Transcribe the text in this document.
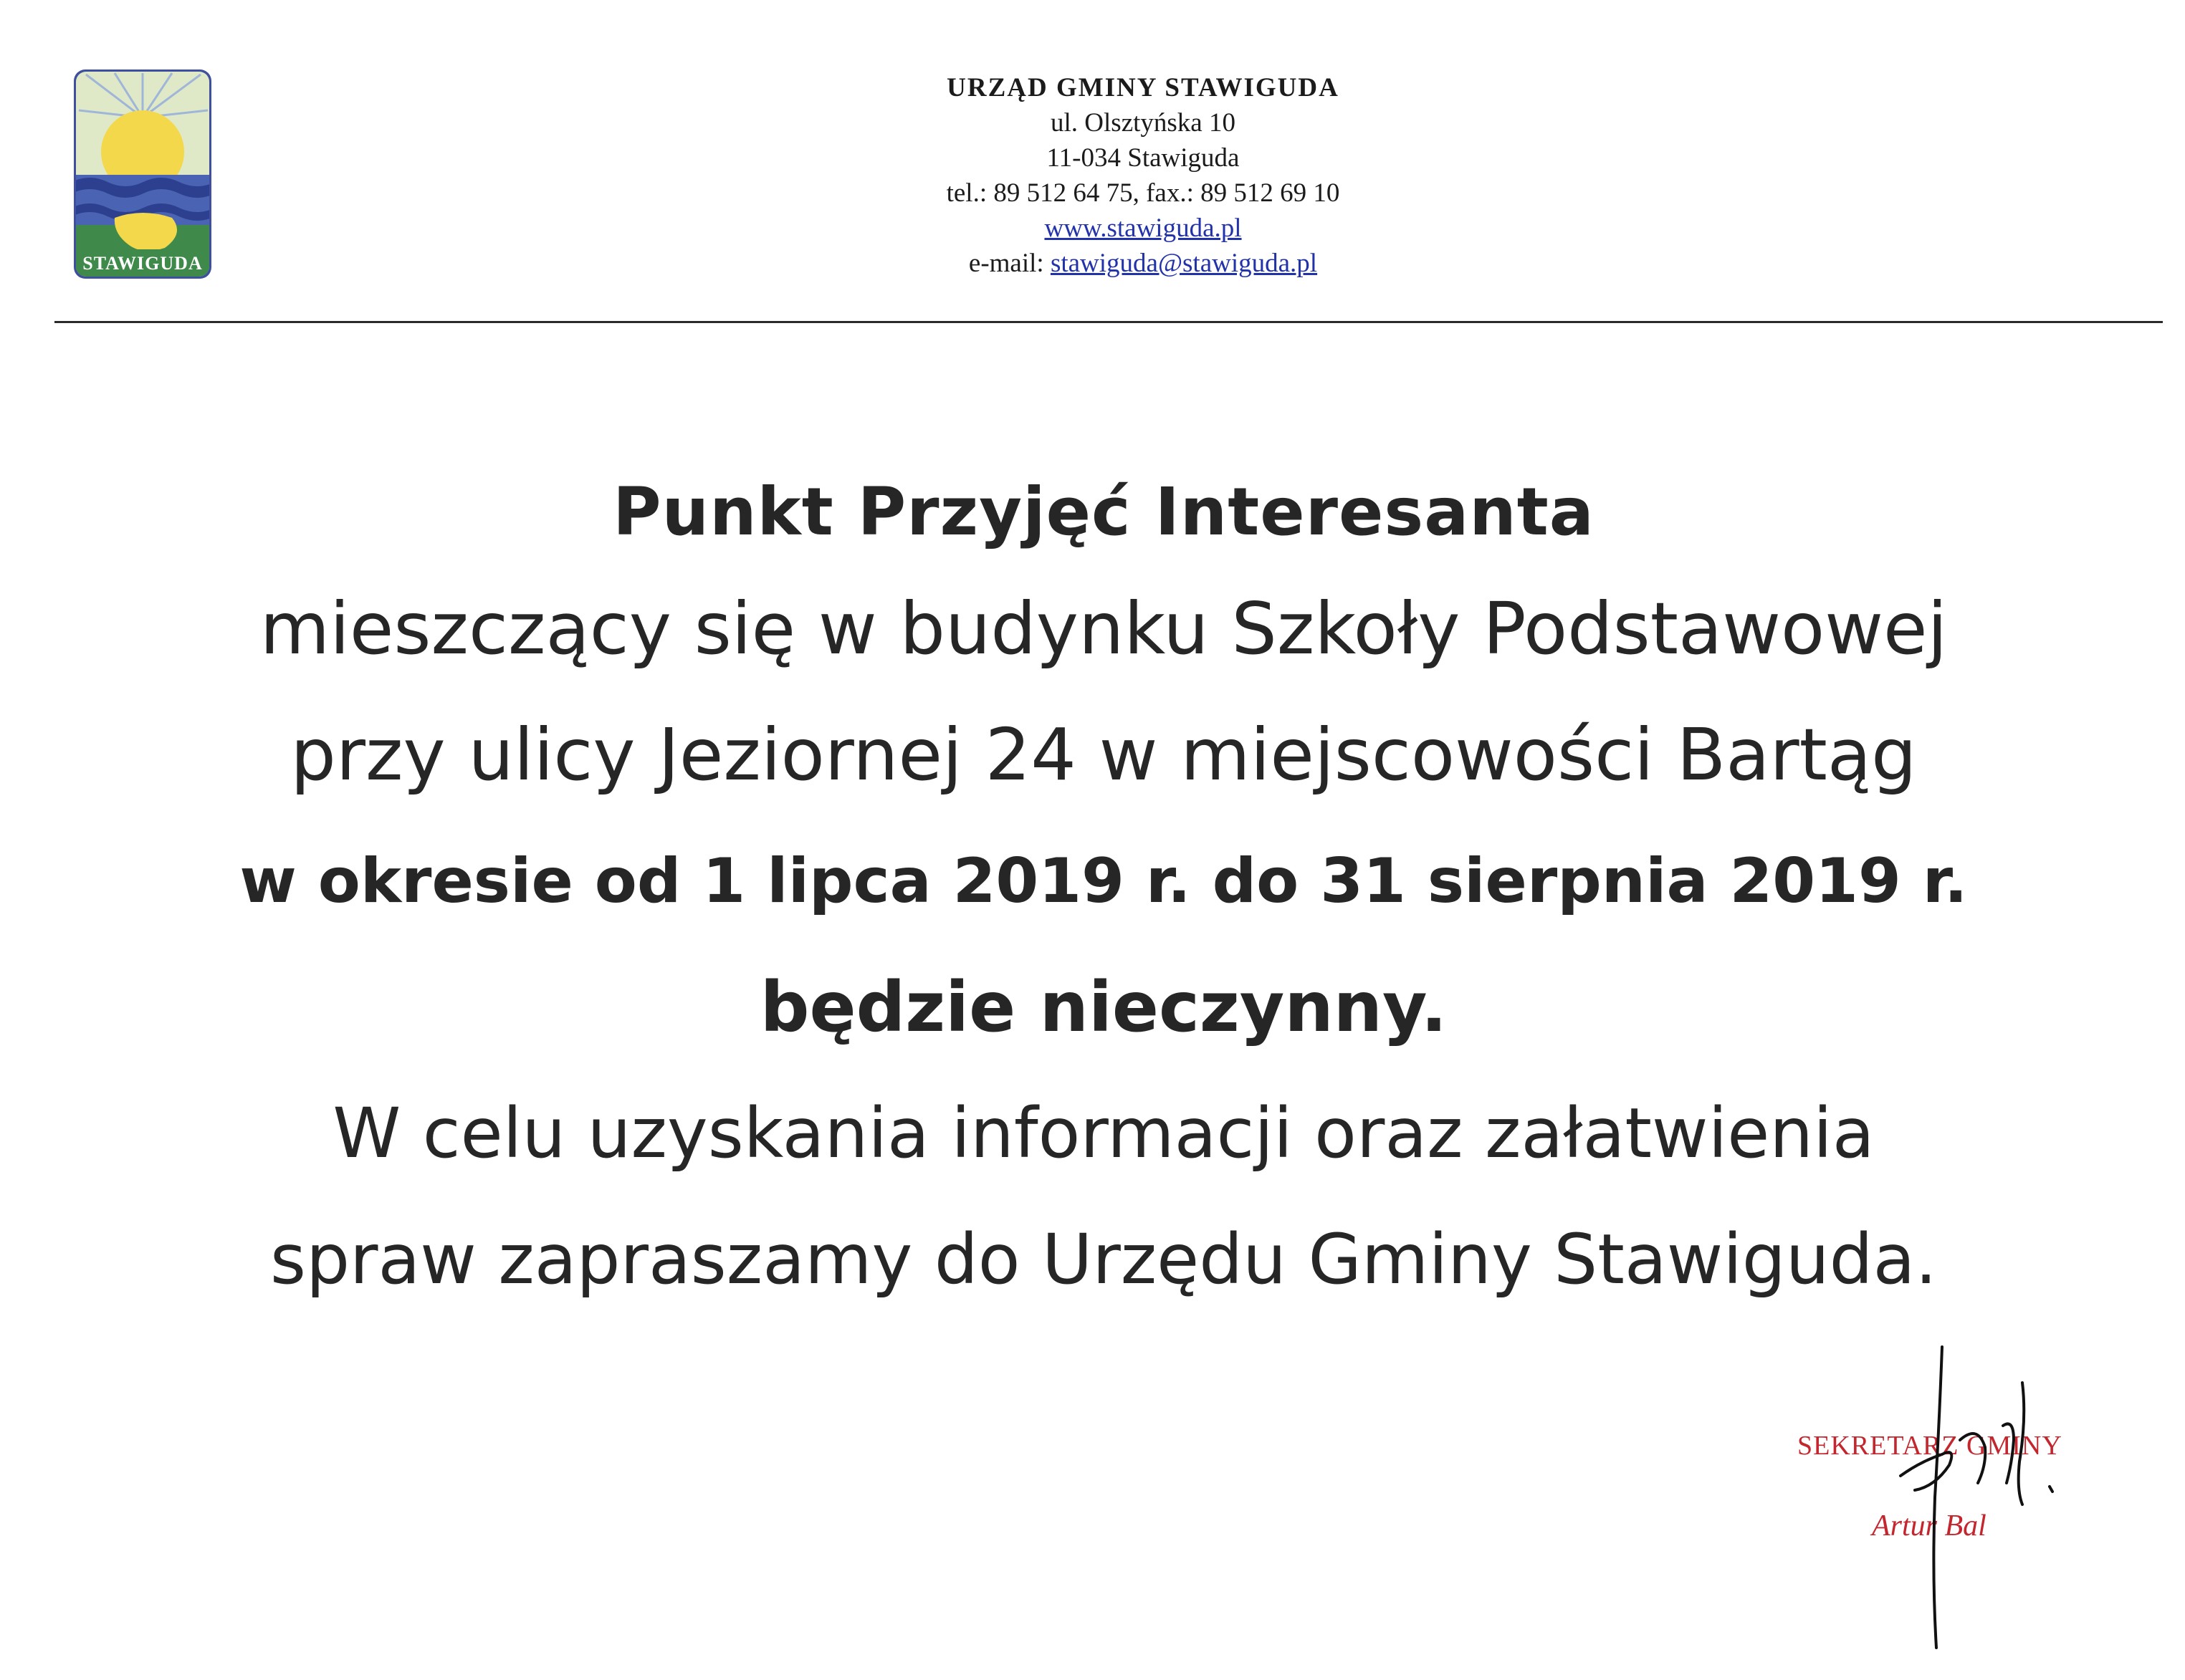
STAWIGUDA
URZĄD GMINY STAWIGUDA
ul. Olsztyńska 10
11-034 Stawiguda
tel.: 89 512 64 75, fax.: 89 512 69 10
www.stawiguda.pl
e-mail: stawiguda@stawiguda.pl
Punkt Przyjęć Interesanta
mieszczący się w budynku Szkoły Podstawowej
przy ulicy Jeziornej 24 w miejscowości Bartąg
w okresie od 1 lipca 2019 r. do 31 sierpnia 2019 r.
będzie nieczynny.
W celu uzyskania informacji oraz załatwienia
spraw zapraszamy do Urzędu Gminy Stawiguda.
SEKRETARZ GMINY
Artur Bal
